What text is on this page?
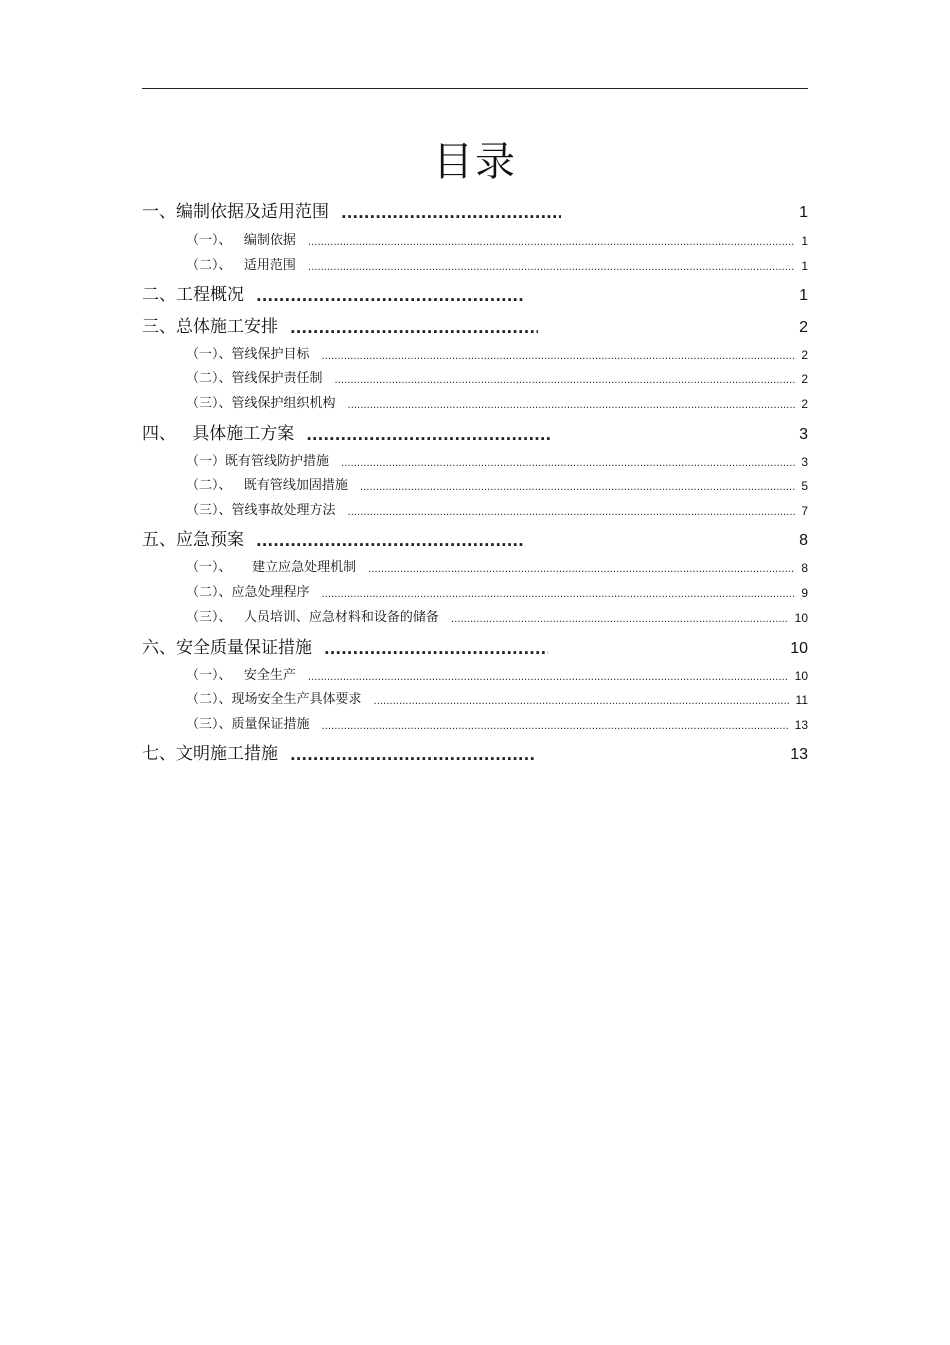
目录
一、编制依据及适用范围 .....	1
（一）、   编制依据 .....	1
（二）、   适用范围 .....	1
二、工程概况 .....	1
三、总体施工安排 .....	2
（一）、管线保护目标 .....	2
（二）、管线保护责任制 .....	2
（三）、管线保护组织机构 .....	2
四、   具体施工方案 .....	3
（一）既有管线防护措施 .....	3
（二）、   既有管线加固措施 .....	5
（三）、管线事故处理方法 .....	7
五、应急预案 .....	8
（一）、     建立应急处理机制 .....	8
（二）、应急处理程序 .....	9
（三）、   人员培训、应急材料和设备的储备 .....	10
六、安全质量保证措施 .....	10
（一）、   安全生产 .....	10
（二）、现场安全生产具体要求 .....	11
（三）、质量保证措施 .....	13
七、文明施工措施 .....	13
